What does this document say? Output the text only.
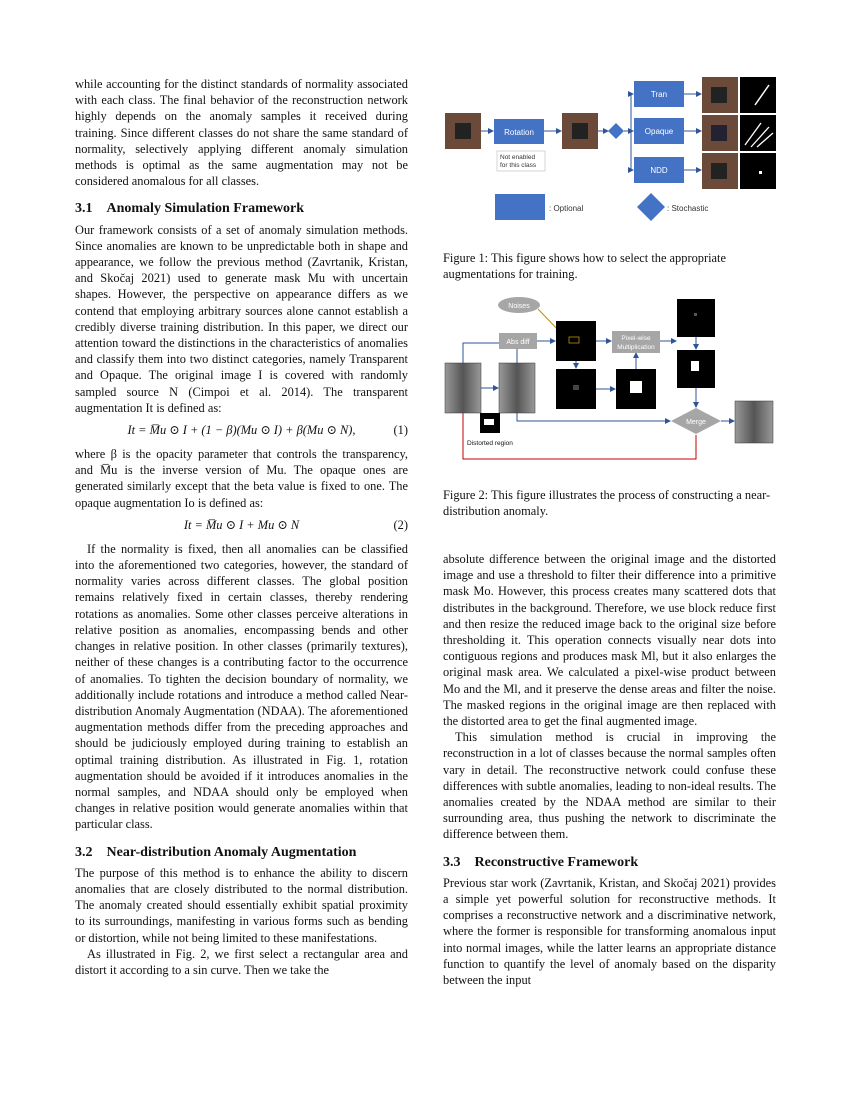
while accounting for the distinct standards of normality associated with each class. The final behavior of the reconstruction network highly depends on the anomaly samples it received during training. Since different classes do not share the same standard of normality, selectively applying different anomaly simulation methods is optimal as the same augmentation may not be considered anomalous for all classes.

3.1 Anomaly Simulation Framework

Our framework consists of a set of anomaly simulation methods. Since anomalies are known to be unpredictable both in shape and appearance, we follow the previous method (Zavrtanik, Kristan, and Skočaj 2021) used to generate mask Mu with uncertain shapes. However, the perspective on appearance differs as we contend that employing arbitrary sources alone cannot establish a credibly diverse training distribution. In this paper, we direct our attention toward the distinctions in the characteristics of anomalies and classify them into two distinct categories, namely Transparent and Opaque. The original image I is covered with randomly sampled source N (Cimpoi et al. 2014). The transparent augmentation It is defined as:

It = M̅u ⊙ I + (1 − β)(Mu ⊙ I) + β(Mu ⊙ N),	(1)

where β is the opacity parameter that controls the transparency, and M̅u is the inverse version of Mu. The opaque ones are generated similarly except that the beta value is fixed to one. The opaque augmentation Io is defined as:

It = M̅u ⊙ I + Mu ⊙ N	(2)

If the normality is fixed, then all anomalies can be classified into the aforementioned two categories, however, the standard of normality varies across different classes. The global position remains relatively fixed in certain classes, thereby rendering rotations as anomalies. Some other classes perceive alterations in relative position as anomalies, encompassing bends and other changes in relative position. In other classes (primarily textures), neither of these changes is a contributing factor to the occurrence of anomalies. To tighten the decision boundary of normality, we additionally include rotations and introduce a method called Near-distribution Anomaly Augmentation (NDAA). The aforementioned augmentation methods differ from the preceding approaches and should be judiciously employed during training to establish an optimal training distribution. As illustrated in Fig. 1, rotation augmentation should be avoided if it introduces anomalies in the normal samples, and NDAA should only be employed when changes in relative position would generate anomalies within that particular class.

3.2 Near-distribution Anomaly Augmentation

The purpose of this method is to enhance the ability to discern anomalies that are closely distributed to the normal distribution. The anomaly created should essentially exhibit spatial proximity to its surroundings, manifesting in various forms such as bending or distortion, while not being limited to these manifestations.

As illustrated in Fig. 2, we first select a rectangular area and distort it according to a sin curve. Then we take the

Rotation
Not enabled
for this class
Tran
Opaque
NDD
: Optional	: Stochastic
Figure 1: This figure shows how to select the appropriate augmentations for training.
Noises
Abs diff
Pixel-wise
Multiplication
Merge
Distorted region
Figure 2: This figure illustrates the process of constructing a near-distribution anomaly.

absolute difference between the original image and the distorted image and use a threshold to filter their difference into a primitive mask Mo. However, this process creates many scattered dots that distributes in the background. Therefore, we use block reduce first and then resize the reduced image back to the original size before thresholding it. This operation connects visually near dots into contiguous regions and produces mask Ml, but it also enlarges the original mask area. We calculated a pixel-wise product between Mo and the Ml, and it preserve the dense areas and filter the noise. The masked regions in the original image are then replaced with the distorted area to get the final augmented image.

This simulation method is crucial in improving the reconstruction in a lot of classes because the normal samples often vary in detail. The reconstructive network could confuse these differences with subtle anomalies, leading to non-ideal results. The anomalies created by the NDAA method are similar to their surrounding area, thus pushing the network to discriminate the difference between them.

3.3 Reconstructive Framework

Previous star work (Zavrtanik, Kristan, and Skočaj 2021) provides a simple yet powerful solution for reconstructive methods. It comprises a reconstructive network and a discriminative network, where the former is responsible for transforming anomalous input into normal images, while the latter learns an appropriate distance function to quantify the level of anomaly based on the disparity between the input
